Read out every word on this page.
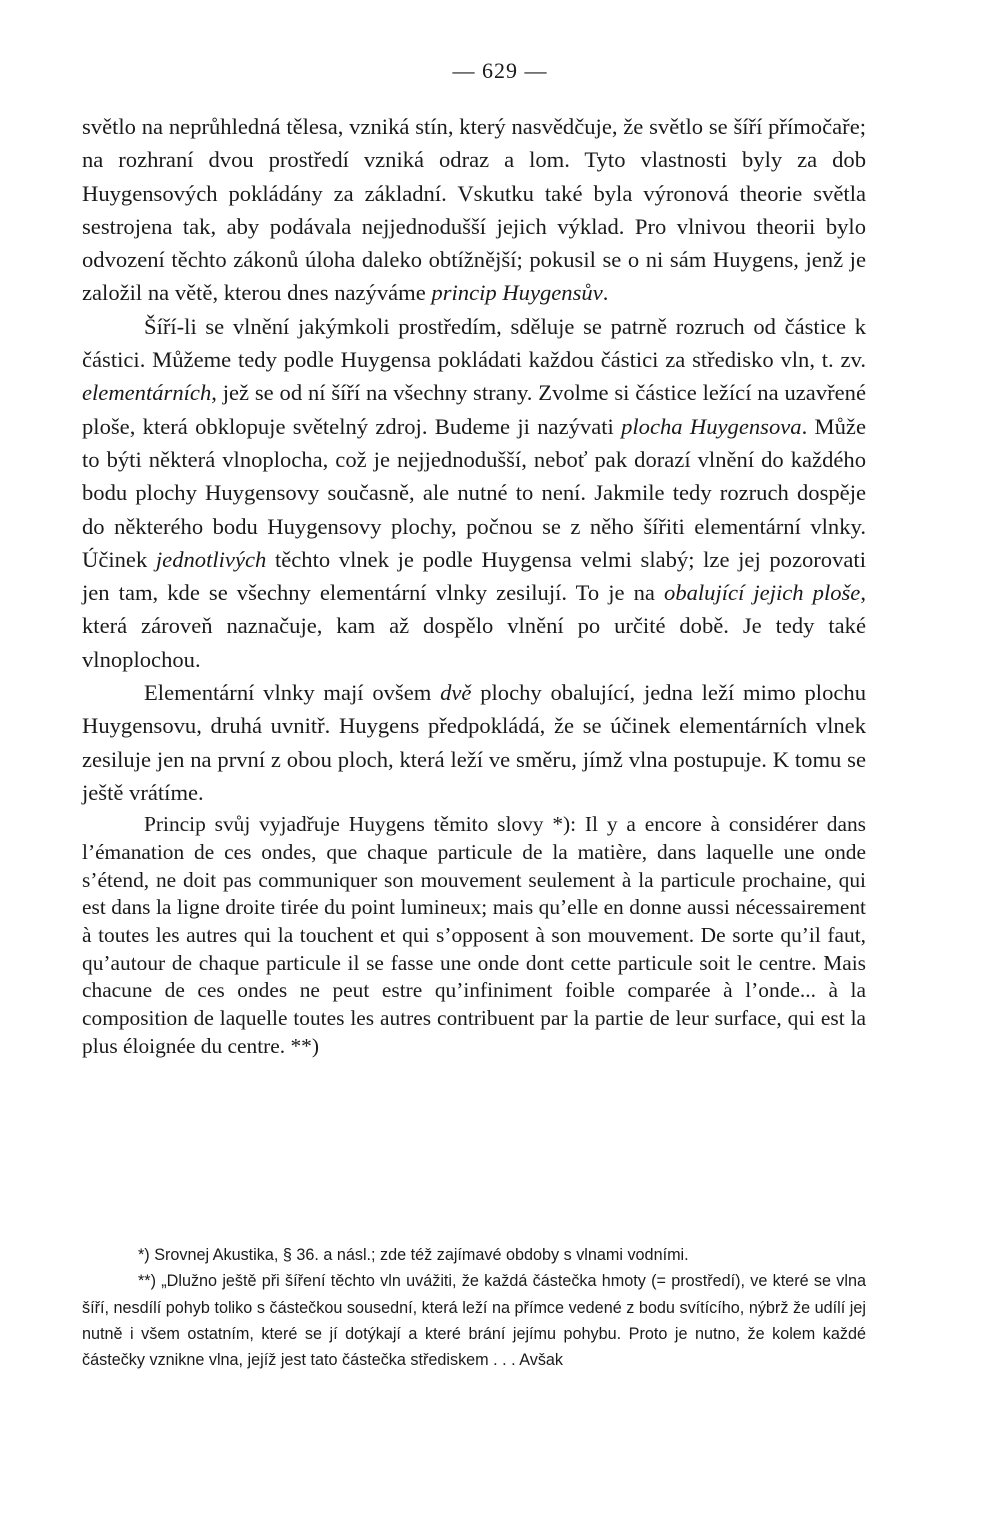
— 629 —

světlo na neprůhledná tělesa, vzniká stín, který nasvědčuje, že světlo se šíří přímočaře; na rozhraní dvou prostředí vzniká odraz a lom. Tyto vlastnosti byly za dob Huygensových pokládány za základní. Vskutku také byla výronová theorie světla sestrojena tak, aby podávala nejjednodušší jejich výklad. Pro vlnivou theorii bylo odvození těchto zákonů úloha daleko obtížnější; pokusil se o ni sám Huygens, jenž je založil na větě, kterou dnes nazýváme princip Huygensův.

Šíří-li se vlnění jakýmkoli prostředím, sděluje se patrně rozruch od částice k částici. Můžeme tedy podle Huygensa pokládati každou částici za středisko vln, t. zv. elementárních, jež se od ní šíří na všechny strany. Zvolme si částice ležící na uzavřené ploše, která obklopuje světelný zdroj. Budeme ji nazývati plocha Huygensova. Může to býti některá vlnoplocha, což je nejjednodušší, neboť pak dorazí vlnění do každého bodu plochy Huygensovy současně, ale nutné to není. Jakmile tedy rozruch dospěje do některého bodu Huygensovy plochy, počnou se z něho šířiti elementární vlnky. Účinek jednotlivých těchto vlnek je podle Huygensa velmi slabý; lze jej pozorovati jen tam, kde se všechny elementární vlnky zesilují. To je na obalující jejich ploše, která zároveň naznačuje, kam až dospělo vlnění po určité době. Je tedy také vlnoplochou.

Elementární vlnky mají ovšem dvě plochy obalující, jedna leží mimo plochu Huygensovu, druhá uvnitř. Huygens předpokládá, že se účinek elementárních vlnek zesiluje jen na první z obou ploch, která leží ve směru, jímž vlna postupuje. K tomu se ještě vrátíme.

Princip svůj vyjadřuje Huygens těmito slovy *): Il y a encore à considérer dans l’émanation de ces ondes, que chaque particule de la matière, dans laquelle une onde s’étend, ne doit pas communiquer son mouvement seulement à la particule prochaine, qui est dans la ligne droite tirée du point lumineux; mais qu’elle en donne aussi nécessairement à toutes les autres qui la touchent et qui s’opposent à son mouvement. De sorte qu’il faut, qu’autour de chaque particule il se fasse une onde dont cette particule soit le centre. Mais chacune de ces ondes ne peut estre qu’infiniment foible comparée à l’onde... à la composition de laquelle toutes les autres contribuent par la partie de leur surface, qui est la plus éloignée du centre. **)

*) Srovnej Akustika, § 36. a násl.; zde též zajímavé obdoby s vlnami vodními.

**) „Dlužno ještě při šíření těchto vln uvážiti, že každá částečka hmoty (= prostředí), ve které se vlna šíří, nesdílí pohyb toliko s částečkou sousední, která leží na přímce vedené z bodu svítícího, nýbrž že udílí jej nutně i všem ostatním, které se jí dotýkají a které brání jejímu pohybu. Proto je nutno, že kolem každé částečky vznikne vlna, jejíž jest tato částečka střediskem . . . Avšak
